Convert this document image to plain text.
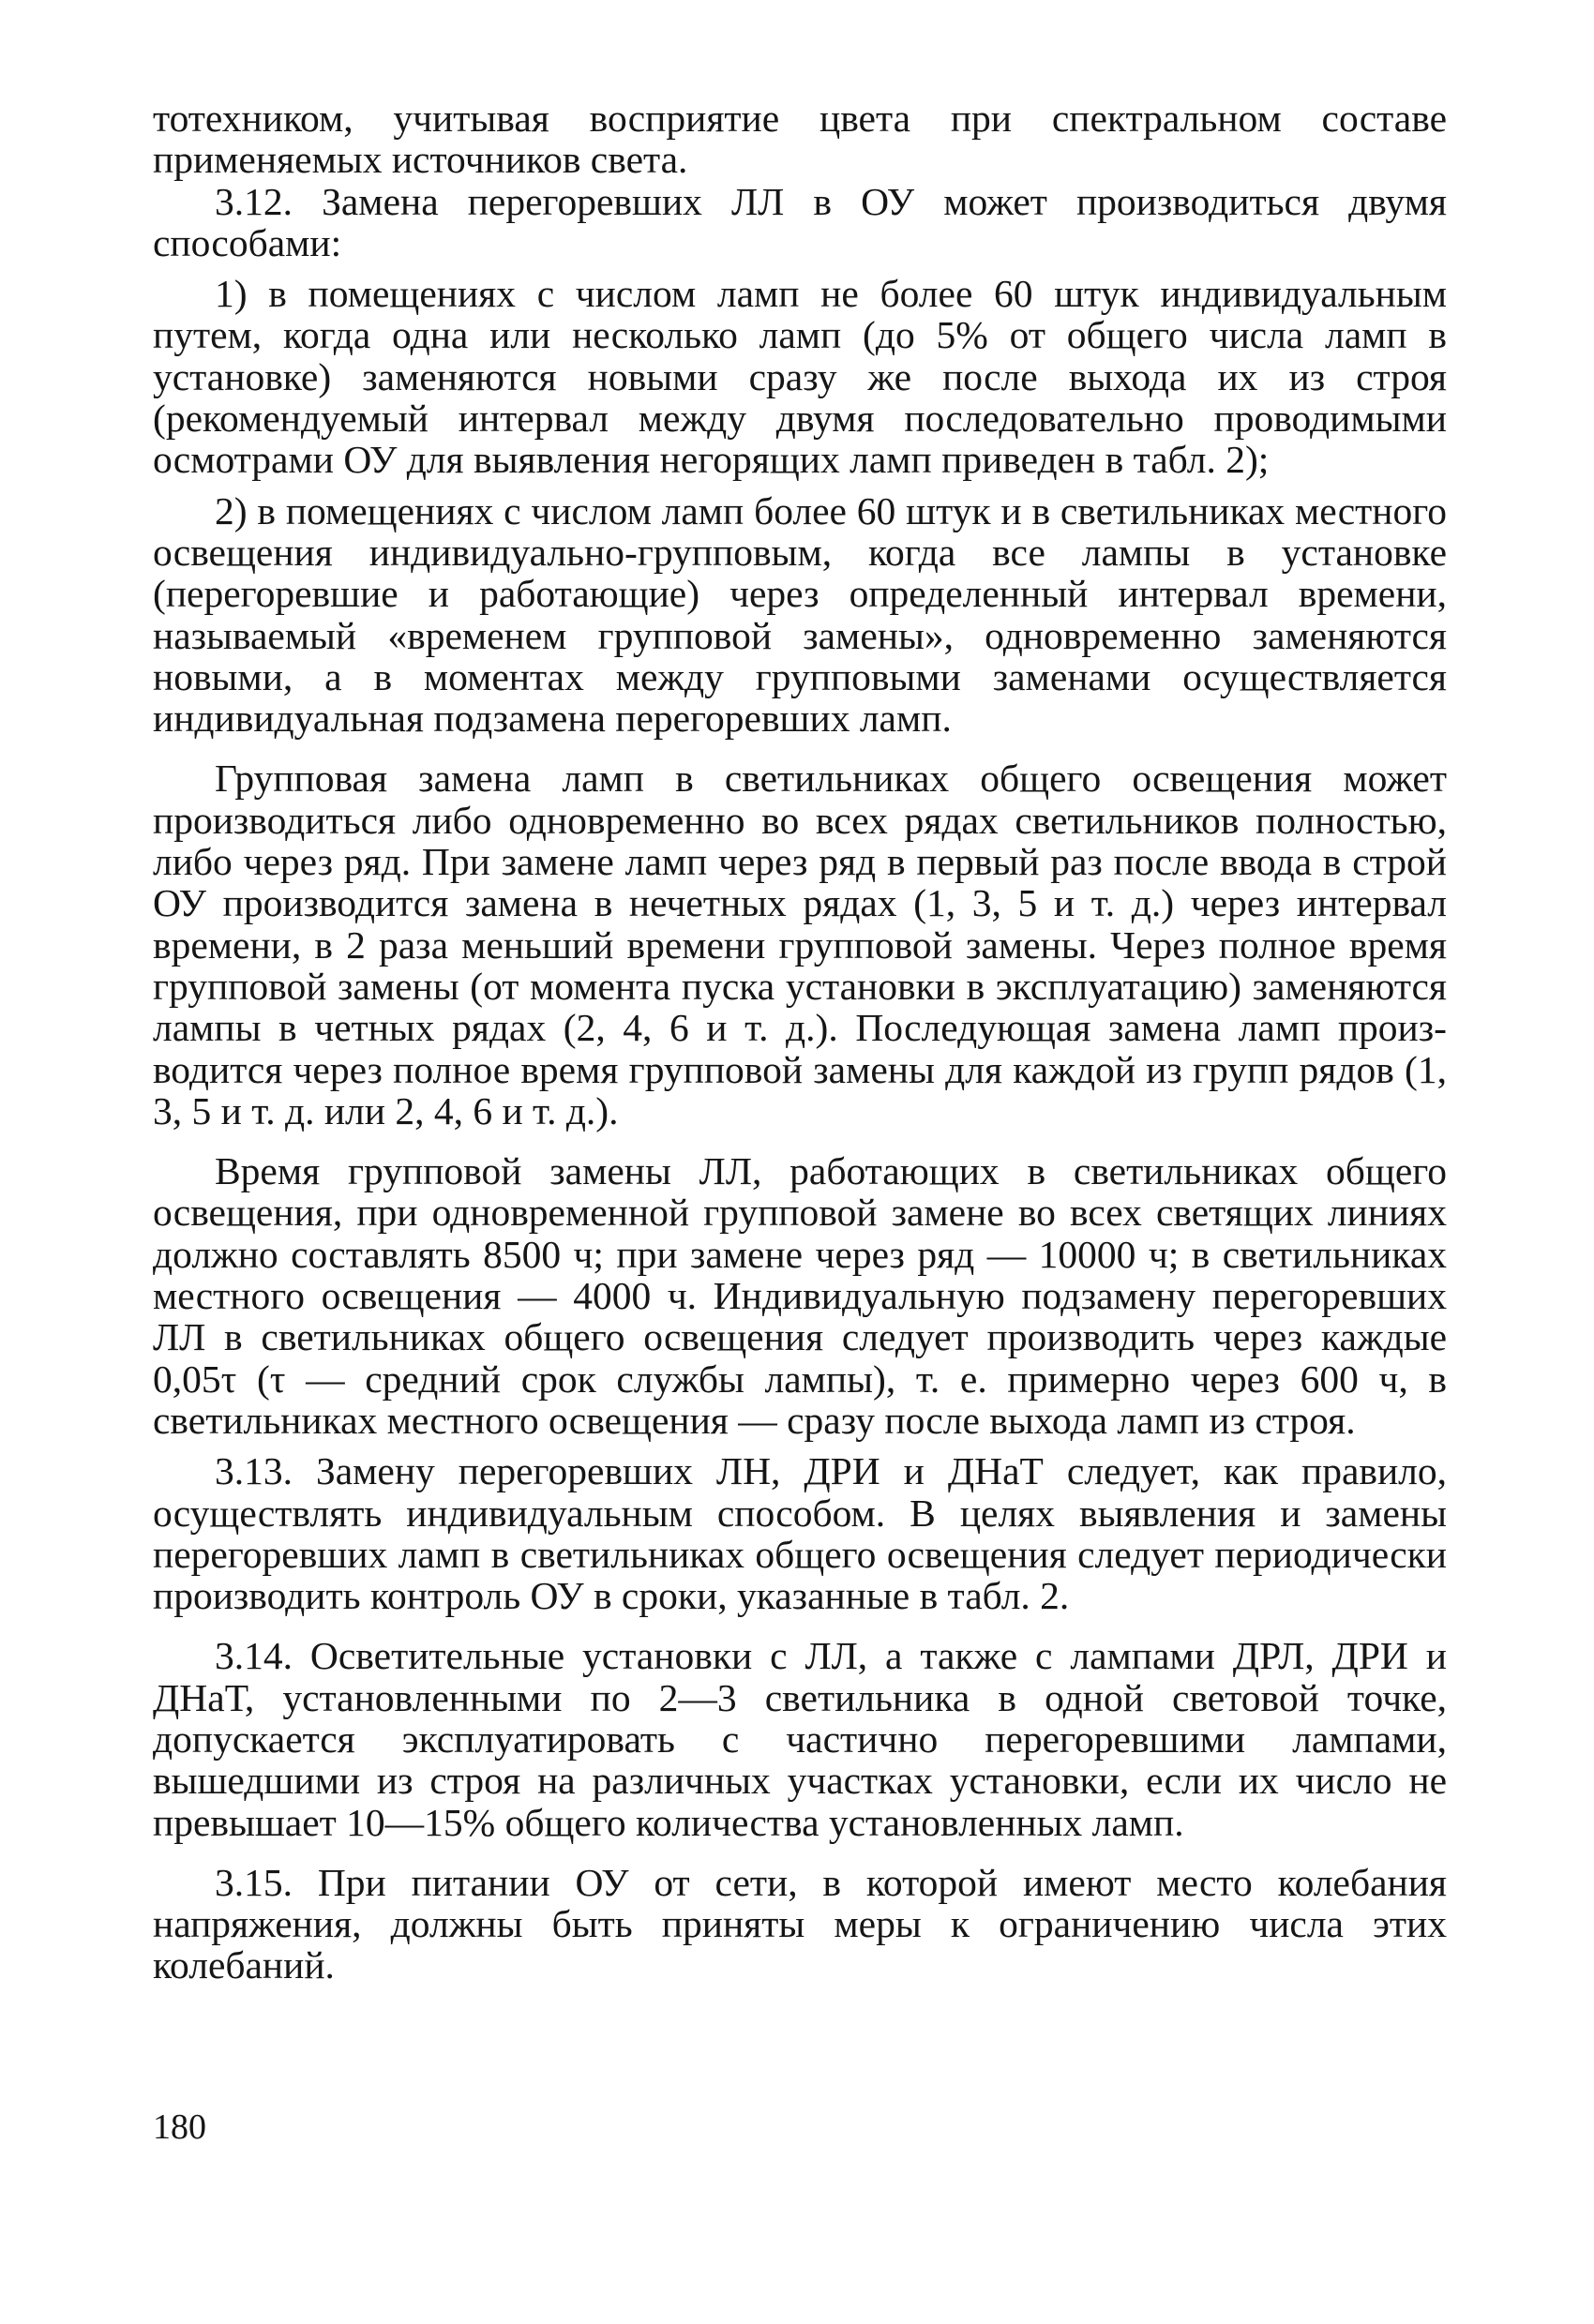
тотехником, учитывая восприятие цвета при спектральном составе применяемых источников света.

3.12. Замена перегоревших ЛЛ в ОУ может производиться двумя способами:

1) в помещениях с числом ламп не более 60 штук индивидуальным путем, когда одна или несколько ламп (до 5% от общего числа ламп в установке) заменяются новыми сразу же после выхода их из строя (рекомендуемый интервал между двумя последовательно проводимыми осмотрами ОУ для выявления негорящих ламп приведен в табл. 2);

2) в помещениях с числом ламп более 60 штук и в светильниках местного освещения индивидуально-групповым, когда все лампы в установке (перегоревшие и работающие) через определенный интервал времени, называемый «временем групповой замены», одновременно заменяются новыми, а в моментах между групповыми заменами осуществляется индивидуальная подзамена перегоревших ламп.

Групповая замена ламп в светильниках общего освещения может производиться либо одновременно во всех рядах светильников полностью, либо через ряд. При замене ламп через ряд в первый раз после ввода в строй ОУ производится замена в нечетных рядах (1, 3, 5 и т. д.) через интервал времени, в 2 раза меньший времени групповой замены. Через полное время групповой замены (от момента пуска установки в эксплуатацию) заменяются лампы в четных рядах (2, 4, 6 и т. д.). Последующая замена ламп производится через полное время групповой замены для каждой из групп рядов (1, 3, 5 и т. д. или 2, 4, 6 и т. д.).

Время групповой замены ЛЛ, работающих в светильниках общего освещения, при одновременной групповой замене во всех светящих линиях должно составлять 8500 ч; при замене через ряд — 10000 ч; в светильниках местного освещения — 4000 ч. Индивидуальную подзамену перегоревших ЛЛ в светильниках общего освещения следует производить через каждые 0,05τ (τ — средний срок службы лампы), т. е. примерно через 600 ч, в светильниках местного освещения — сразу после выхода ламп из строя.

3.13. Замену перегоревших ЛН, ДРИ и ДНаТ следует, как правило, осуществлять индивидуальным способом. В целях выявления и замены перегоревших ламп в светильниках общего освещения следует периодически производить контроль ОУ в сроки, указанные в табл. 2.

3.14. Осветительные установки с ЛЛ, а также с лампами ДРЛ, ДРИ и ДНаТ, установленными по 2—3 светильника в одной световой точке, допускается эксплуатировать с частично перегоревшими лампами, вышедшими из строя на различных участках установки, если их число не превышает 10—15% общего количества установленных ламп.

3.15. При питании ОУ от сети, в которой имеют место колебания напряжения, должны быть приняты меры к ограничению числа этих колебаний.

180
